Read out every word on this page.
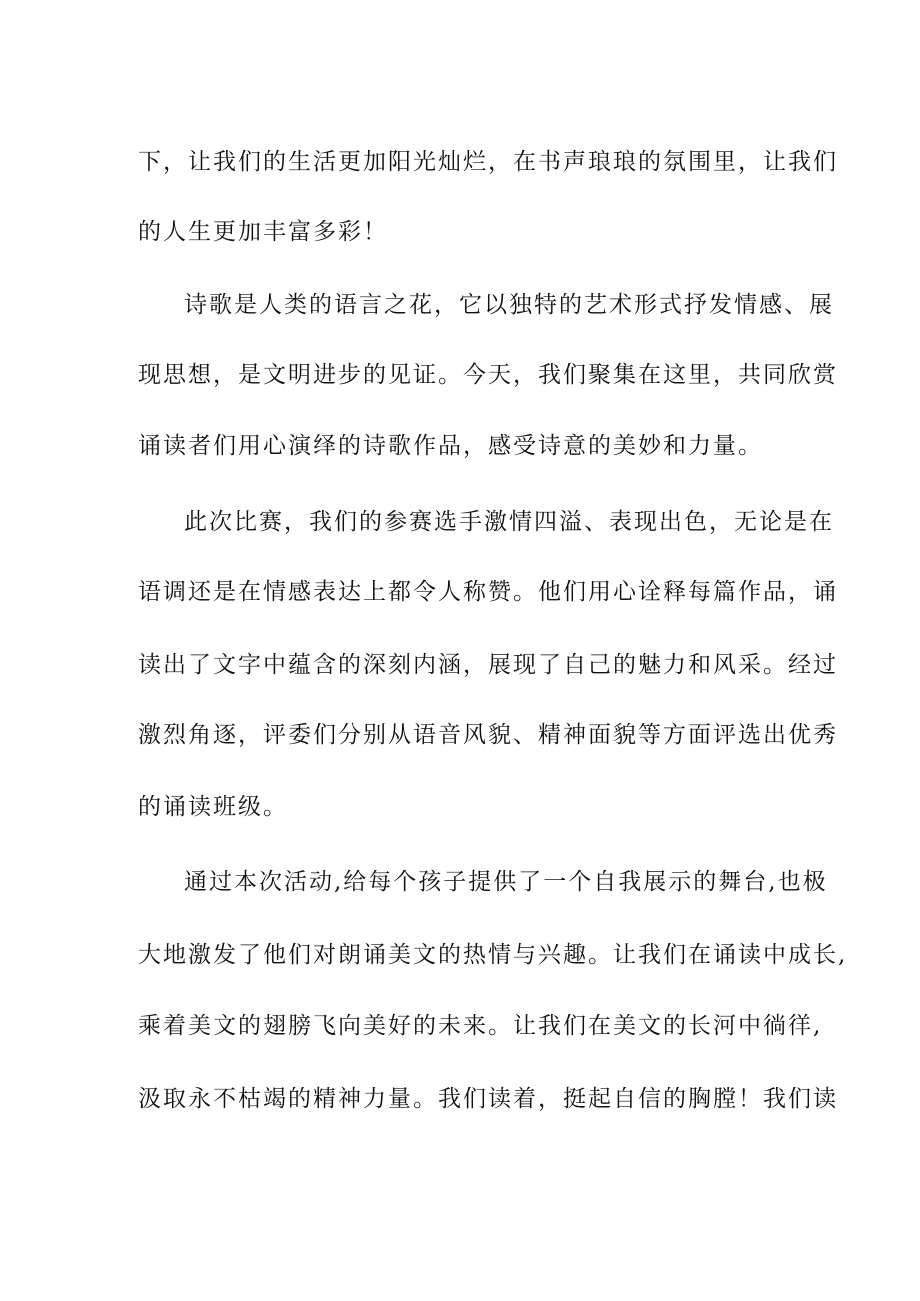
下，让我们的生活更加阳光灿烂，在书声琅琅的氛围里，让我们
的人生更加丰富多彩！
诗歌是人类的语言之花，它以独特的艺术形式抒发情感、展
现思想，是文明进步的见证。今天，我们聚集在这里，共同欣赏
诵读者们用心演绎的诗歌作品，感受诗意的美妙和力量。
此次比赛，我们的参赛选手激情四溢、表现出色，无论是在
语调还是在情感表达上都令人称赞。他们用心诠释每篇作品，诵
读出了文字中蕴含的深刻内涵，展现了自己的魅力和风采。经过
激烈角逐，评委们分别从语音风貌、精神面貌等方面评选出优秀
的诵读班级。
通过本次活动,给每个孩子提供了一个自我展示的舞台,也极
大地激发了他们对朗诵美文的热情与兴趣。让我们在诵读中成长,
乘着美文的翅膀飞向美好的未来。让我们在美文的长河中徜徉,
汲取永不枯竭的精神力量。我们读着，挺起自信的胸膛！我们读
